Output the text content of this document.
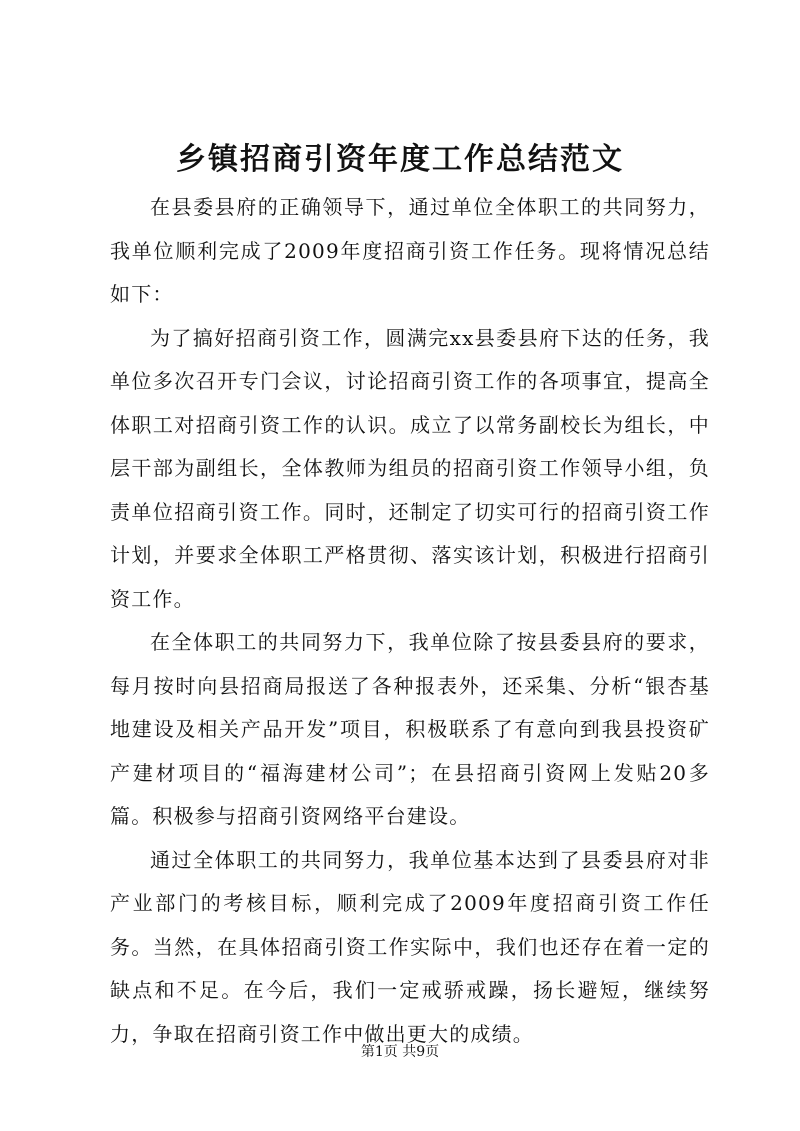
乡镇招商引资年度工作总结范文

在县委县府的正确领导下，通过单位全体职工的共同努力，我单位顺利完成了2009年度招商引资工作任务。现将情况总结如下：

为了搞好招商引资工作，圆满完xx县委县府下达的任务，我单位多次召开专门会议，讨论招商引资工作的各项事宜，提高全体职工对招商引资工作的认识。成立了以常务副校长为组长，中层干部为副组长，全体教师为组员的招商引资工作领导小组，负责单位招商引资工作。同时，还制定了切实可行的招商引资工作计划，并要求全体职工严格贯彻、落实该计划，积极进行招商引资工作。

在全体职工的共同努力下，我单位除了按县委县府的要求，每月按时向县招商局报送了各种报表外，还采集、分析“银杏基地建设及相关产品开发”项目，积极联系了有意向到我县投资矿产建材项目的“福海建材公司”；在县招商引资网上发贴20多篇。积极参与招商引资网络平台建设。

通过全体职工的共同努力，我单位基本达到了县委县府对非产业部门的考核目标，顺利完成了2009年度招商引资工作任务。当然，在具体招商引资工作实际中，我们也还存在着一定的缺点和不足。在今后，我们一定戒骄戒躁，扬长避短，继续努力，争取在招商引资工作中做出更大的成绩。

第1页 共9页
